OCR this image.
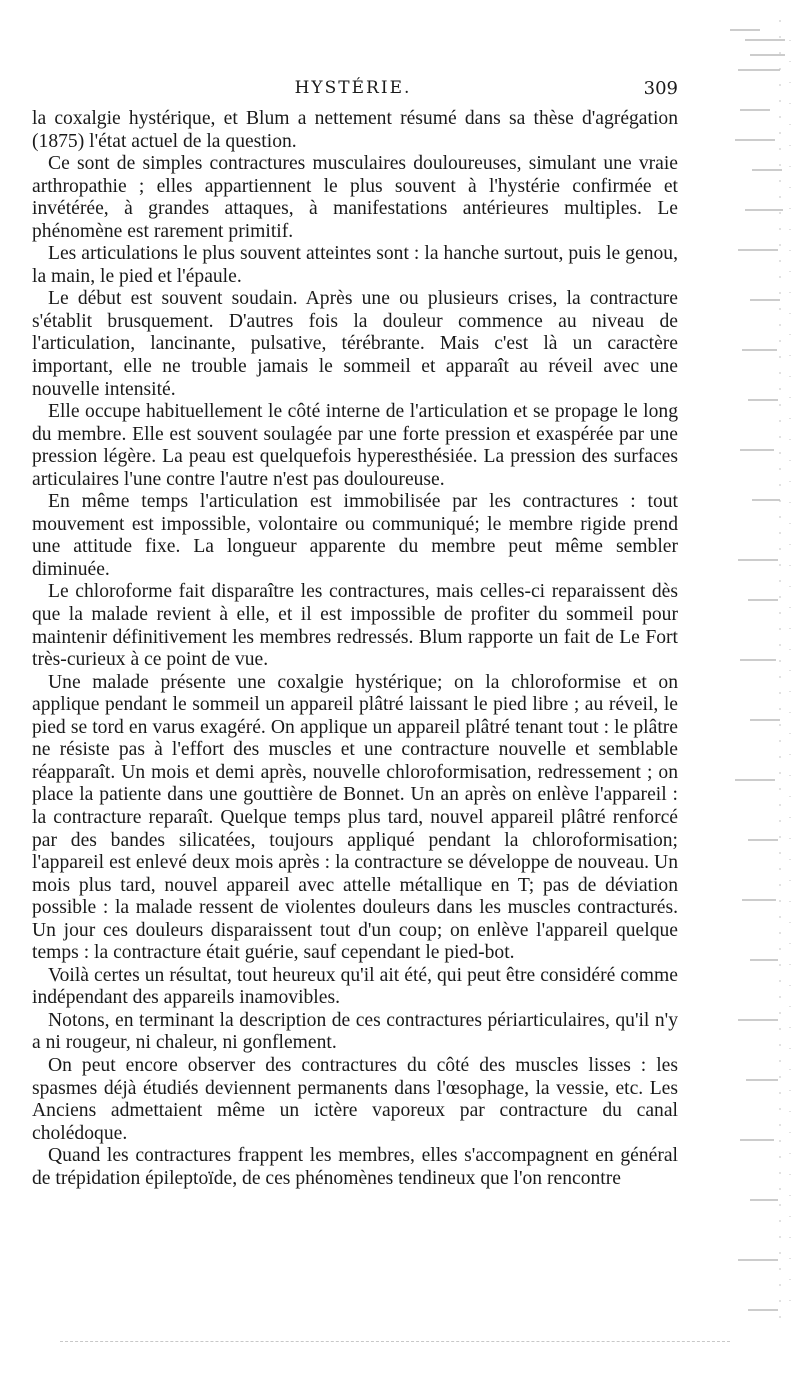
HYSTÉRIE.	309

la coxalgie hystérique, et Blum a nettement résumé dans sa thèse d'agrégation (1875) l'état actuel de la question.

Ce sont de simples contractures musculaires douloureuses, simulant une vraie arthropathie ; elles appartiennent le plus souvent à l'hystérie confirmée et invétérée, à grandes attaques, à manifestations antérieures multiples. Le phénomène est rarement primitif.

Les articulations le plus souvent atteintes sont : la hanche surtout, puis le genou, la main, le pied et l'épaule.

Le début est souvent soudain. Après une ou plusieurs crises, la contracture s'établit brusquement. D'autres fois la douleur commence au niveau de l'articulation, lancinante, pulsative, térébrante. Mais c'est là un caractère important, elle ne trouble jamais le sommeil et apparaît au réveil avec une nouvelle intensité.

Elle occupe habituellement le côté interne de l'articulation et se propage le long du membre. Elle est souvent soulagée par une forte pression et exaspérée par une pression légère. La peau est quelquefois hyperesthésiée. La pression des surfaces articulaires l'une contre l'autre n'est pas douloureuse.

En même temps l'articulation est immobilisée par les contractures : tout mouvement est impossible, volontaire ou communiqué; le membre rigide prend une attitude fixe. La longueur apparente du membre peut même sembler diminuée.

Le chloroforme fait disparaître les contractures, mais celles-ci reparaissent dès que la malade revient à elle, et il est impossible de profiter du sommeil pour maintenir définitivement les membres redressés. Blum rapporte un fait de Le Fort très-curieux à ce point de vue.

Une malade présente une coxalgie hystérique; on la chloroformise et on applique pendant le sommeil un appareil plâtré laissant le pied libre ; au réveil, le pied se tord en varus exagéré. On applique un appareil plâtré tenant tout : le plâtre ne résiste pas à l'effort des muscles et une contracture nouvelle et semblable réapparaît. Un mois et demi après, nouvelle chloroformisation, redressement ; on place la patiente dans une gouttière de Bonnet. Un an après on enlève l'appareil : la contracture reparaît. Quelque temps plus tard, nouvel appareil plâtré renforcé par des bandes silicatées, toujours appliqué pendant la chloroformisation; l'appareil est enlevé deux mois après : la contracture se développe de nouveau. Un mois plus tard, nouvel appareil avec attelle métallique en T; pas de déviation possible : la malade ressent de violentes douleurs dans les muscles contracturés. Un jour ces douleurs disparaissent tout d'un coup; on enlève l'appareil quelque temps : la contracture était guérie, sauf cependant le pied-bot.

Voilà certes un résultat, tout heureux qu'il ait été, qui peut être considéré comme indépendant des appareils inamovibles.

Notons, en terminant la description de ces contractures périarticulaires, qu'il n'y a ni rougeur, ni chaleur, ni gonflement.

On peut encore observer des contractures du côté des muscles lisses : les spasmes déjà étudiés deviennent permanents dans l'œsophage, la vessie, etc. Les Anciens admettaient même un ictère vaporeux par contracture du canal cholédoque.

Quand les contractures frappent les membres, elles s'accompagnent en général de trépidation épileptoïde, de ces phénomènes tendineux que l'on rencontre
